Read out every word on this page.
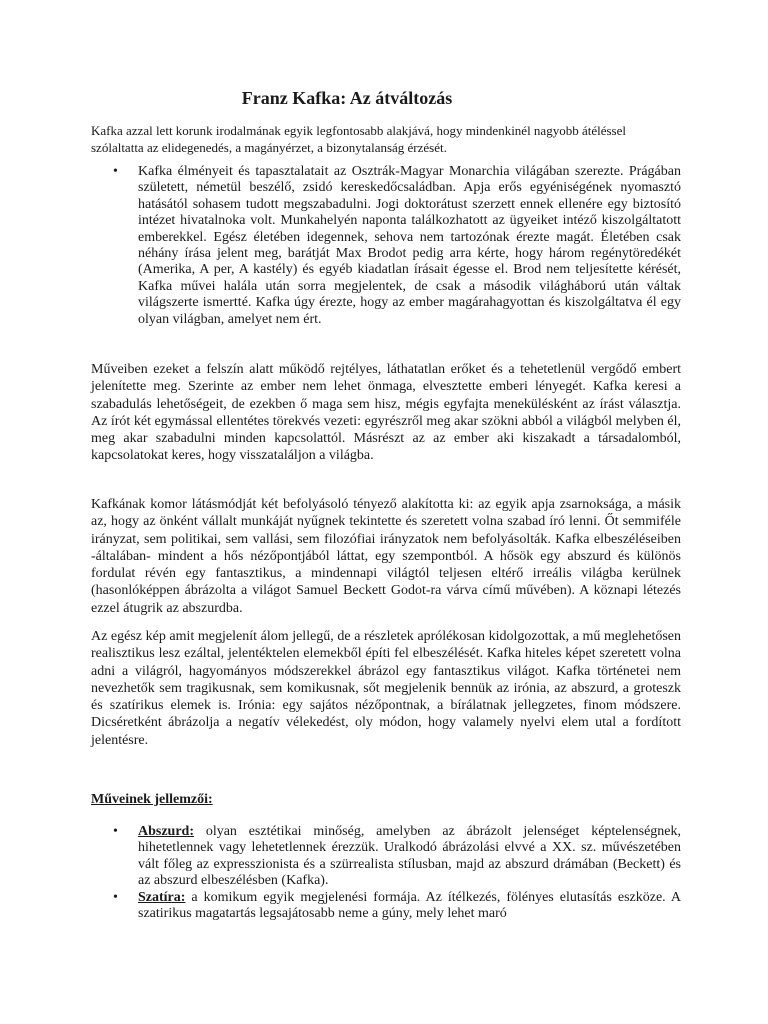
Franz Kafka: Az átváltozás

Kafka azzal lett korunk irodalmának egyik legfontosabb alakjává, hogy mindenkinél nagyobb átéléssel szólaltatta az elidegenedés, a magányérzet, a bizonytalanság érzését.

• Kafka élményeit és tapasztalatait az Osztrák-Magyar Monarchia világában szerezte. Prágában született, németül beszélő, zsidó kereskedőcsaládban. Apja erős egyéniségének nyomasztó hatásától sohasem tudott megszabadulni. Jogi doktorátust szerzett ennek ellenére egy biztosító intézet hivatalnoka volt. Munkahelyén naponta találkozhatott az ügyeiket intéző kiszolgáltatott emberekkel. Egész életében idegennek, sehova nem tartozónak érezte magát. Életében csak néhány írása jelent meg, barátját Max Brodot pedig arra kérte, hogy három regénytöredékét (Amerika, A per, A kastély) és egyéb kiadatlan írásait égesse el. Brod nem teljesítette kérését, Kafka művei halála után sorra megjelentek, de csak a második világháború után váltak világszerte ismertté. Kafka úgy érezte, hogy az ember magárahagyottan és kiszolgáltatva él egy olyan világban, amelyet nem ért.

Műveiben ezeket a felszín alatt működő rejtélyes, láthatatlan erőket és a tehetetlenül vergődő embert jelenítette meg. Szerinte az ember nem lehet önmaga, elvesztette emberi lényegét. Kafka keresi a szabadulás lehetőségeit, de ezekben ő maga sem hisz, mégis egyfajta menekülésként az írást választja. Az írót két egymással ellentétes törekvés vezeti: egyrészről meg akar szökni abból a világból melyben él, meg akar szabadulni minden kapcsolattól. Másrészt az az ember aki kiszakadt a társadalomból, kapcsolatokat keres, hogy visszataláljon a világba.

Kafkának komor látásmódját két befolyásoló tényező alakította ki: az egyik apja zsarnoksága, a másik az, hogy az önként vállalt munkáját nyűgnek tekintette és szeretett volna szabad író lenni. Őt semmiféle irányzat, sem politikai, sem vallási, sem filozófiai irányzatok nem befolyásolták. Kafka elbeszéléseiben -általában- mindent a hős nézőpontjából láttat, egy szempontból. A hősök egy abszurd és különös fordulat révén egy fantasztikus, a mindennapi világtól teljesen eltérő irreális világba kerülnek (hasonlóképpen ábrázolta a világot Samuel Beckett Godot-ra várva című művében). A köznapi létezés ezzel átugrik az abszurdba.

Az egész kép amit megjelenít álom jellegű, de a részletek aprólékosan kidolgozottak, a mű meglehetősen realisztikus lesz ezáltal, jelentéktelen elemekből építi fel elbeszélését. Kafka hiteles képet szeretett volna adni a világról, hagyományos módszerekkel ábrázol egy fantasztikus világot. Kafka történetei nem nevezhetők sem tragikusnak, sem komikusnak, sőt megjelenik bennük az irónia, az abszurd, a groteszk és szatírikus elemek is. Irónia: egy sajátos nézőpontnak, a bírálatnak jellegzetes, finom módszere. Dicséretként ábrázolja a negatív vélekedést, oly módon, hogy valamely nyelvi elem utal a fordított jelentésre.

Műveinek jellemzői:
• Abszurd: olyan esztétikai minőség, amelyben az ábrázolt jelenséget képtelenségnek, hihetetlennek vagy lehetetlennek érezzük. Uralkodó ábrázolási elvvé a XX. sz. művészetében vált főleg az expresszionista és a szürrealista stílusban, majd az abszurd drámában (Beckett) és az abszurd elbeszélésben (Kafka).
• Szatíra: a komikum egyik megjelenési formája. Az ítélkezés, fölényes elutasítás eszköze. A szatirikus magatartás legsajátosabb neme a gúny, mely lehet maró
